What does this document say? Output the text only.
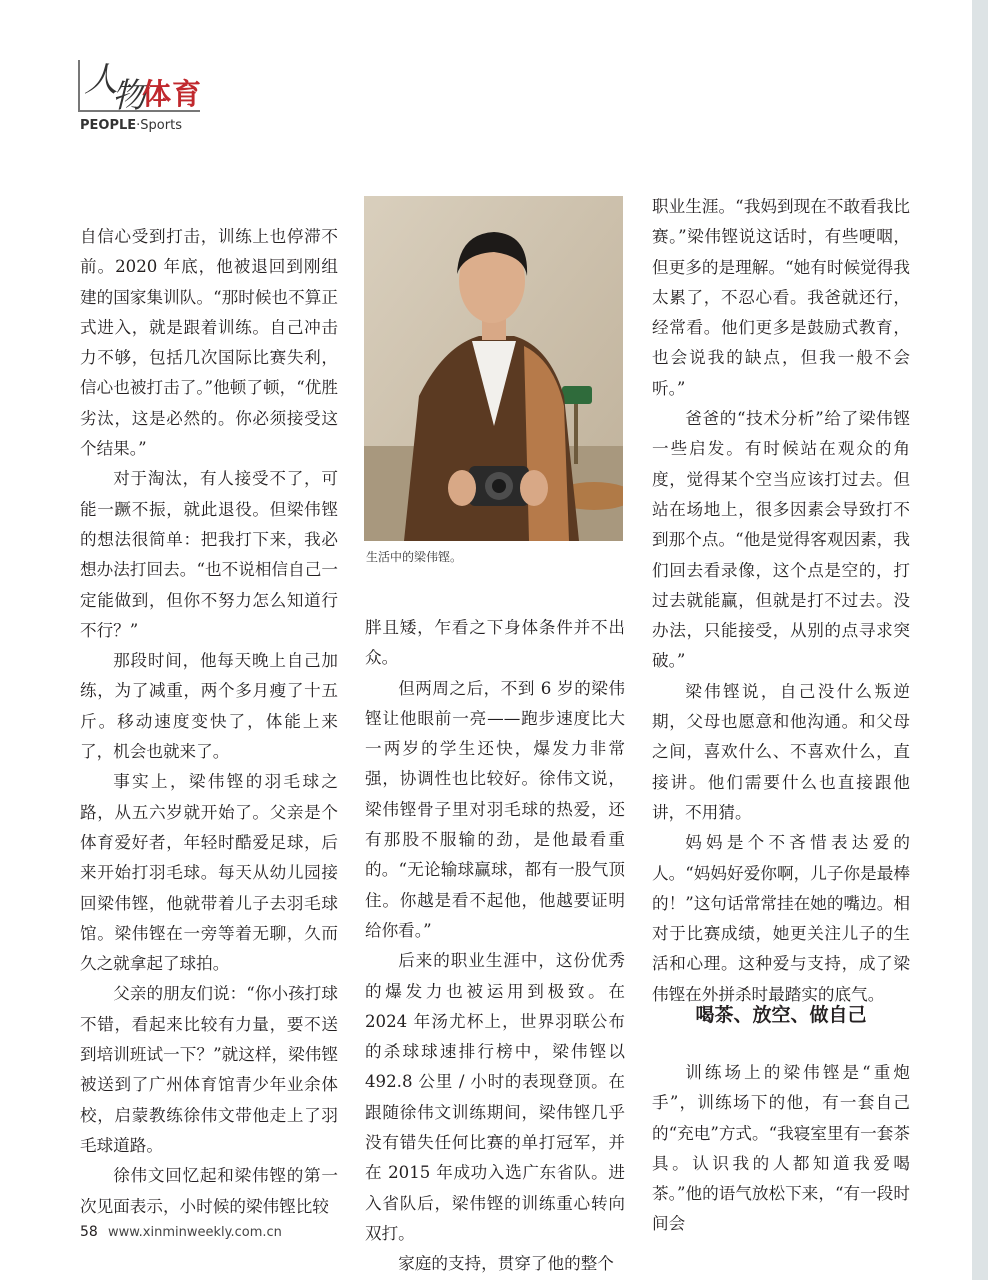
人
物
体育
PEOPLE·Sports

自信心受到打击，训练上也停滞不前。2020 年底，他被退回到刚组建的国家集训队。“那时候也不算正式进入，就是跟着训练。自己冲击力不够，包括几次国际比赛失利，信心也被打击了。”他顿了顿，“优胜劣汰，这是必然的。你必须接受这个结果。”

对于淘汰，有人接受不了，可能一蹶不振，就此退役。但梁伟铿的想法很简单：把我打下来，我必想办法打回去。“也不说相信自己一定能做到，但你不努力怎么知道行不行？”

那段时间，他每天晚上自己加练，为了减重，两个多月瘦了十五斤。移动速度变快了，体能上来了，机会也就来了。

事实上，梁伟铿的羽毛球之路，从五六岁就开始了。父亲是个体育爱好者，年轻时酷爱足球，后来开始打羽毛球。每天从幼儿园接回梁伟铿，他就带着儿子去羽毛球馆。梁伟铿在一旁等着无聊，久而久之就拿起了球拍。

父亲的朋友们说：“你小孩打球不错，看起来比较有力量，要不送到培训班试一下？”就这样，梁伟铿被送到了广州体育馆青少年业余体校，启蒙教练徐伟文带他走上了羽毛球道路。

徐伟文回忆起和梁伟铿的第一次见面表示，小时候的梁伟铿比较

生活中的梁伟铿。

胖且矮，乍看之下身体条件并不出众。

但两周之后，不到 6 岁的梁伟铿让他眼前一亮——跑步速度比大一两岁的学生还快，爆发力非常强，协调性也比较好。徐伟文说，梁伟铿骨子里对羽毛球的热爱，还有那股不服输的劲，是他最看重的。“无论输球赢球，都有一股气顶住。你越是看不起他，他越要证明给你看。”

后来的职业生涯中，这份优秀的爆发力也被运用到极致。在 2024 年汤尤杯上，世界羽联公布的杀球球速排行榜中，梁伟铿以 492.8 公里 / 小时的表现登顶。在跟随徐伟文训练期间，梁伟铿几乎没有错失任何比赛的单打冠军，并在 2015 年成功入选广东省队。进入省队后，梁伟铿的训练重心转向双打。

家庭的支持，贯穿了他的整个

职业生涯。“我妈到现在不敢看我比赛。”梁伟铿说这话时，有些哽咽，但更多的是理解。“她有时候觉得我太累了，不忍心看。我爸就还行，经常看。他们更多是鼓励式教育，也会说我的缺点，但我一般不会听。”

爸爸的“技术分析”给了梁伟铿一些启发。有时候站在观众的角度，觉得某个空当应该打过去。但站在场地上，很多因素会导致打不到那个点。“他是觉得客观因素，我们回去看录像，这个点是空的，打过去就能赢，但就是打不过去。没办法，只能接受，从别的点寻求突破。”

梁伟铿说，自己没什么叛逆期，父母也愿意和他沟通。和父母之间，喜欢什么、不喜欢什么，直接讲。他们需要什么也直接跟他讲，不用猜。

妈妈是个不吝惜表达爱的人。“妈妈好爱你啊，儿子你是最棒的！”这句话常常挂在她的嘴边。相对于比赛成绩，她更关注儿子的生活和心理。这种爱与支持，成了梁伟铿在外拼杀时最踏实的底气。

喝茶、放空、做自己

训练场上的梁伟铿是“重炮手”，训练场下的他，有一套自己的“充电”方式。“我寝室里有一套茶具。认识我的人都知道我爱喝茶。”他的语气放松下来，“有一段时间会

58 www.xinminweekly.com.cn
